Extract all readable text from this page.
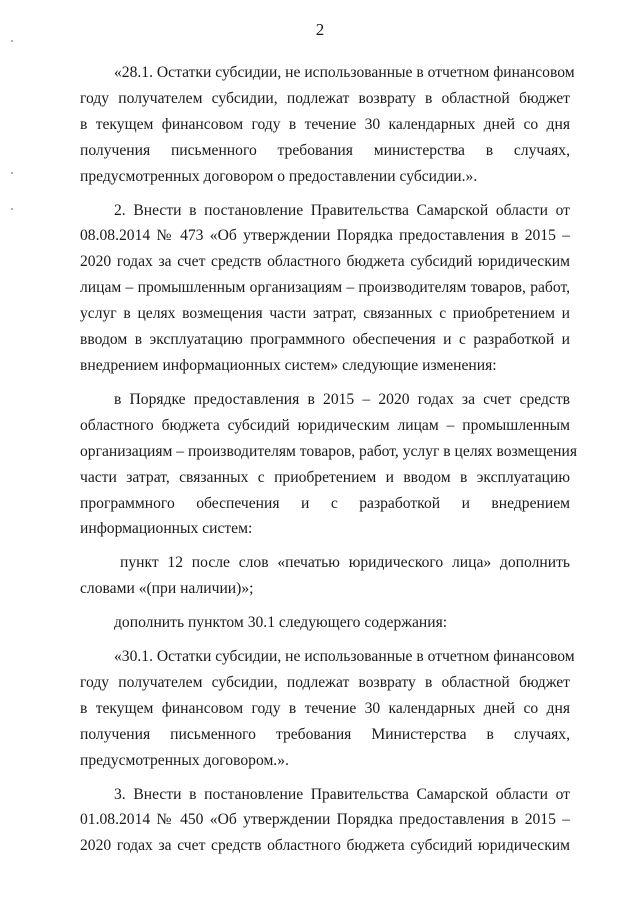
2
«28.1. Остатки субсидии, не использованные в отчетном финансовом
году получателем субсидии, подлежат возврату в областной бюджет
в текущем финансовом году в течение 30 календарных дней со дня
получения письменного требования министерства в случаях,
предусмотренных договором о предоставлении субсидии.».
2. Внести в постановление Правительства Самарской области от
08.08.2014 № 473 «Об утверждении Порядка предоставления в 2015 –
2020 годах за счет средств областного бюджета субсидий юридическим
лицам – промышленным организациям – производителям товаров, работ,
услуг в целях возмещения части затрат, связанных с приобретением и
вводом в эксплуатацию программного обеспечения и с разработкой и
внедрением информационных систем» следующие изменения:
в Порядке предоставления в 2015 – 2020 годах за счет средств
областного бюджета субсидий юридическим лицам – промышленным
организациям – производителям товаров, работ, услуг в целях возмещения
части затрат, связанных с приобретением и вводом в эксплуатацию
программного обеспечения и с разработкой и внедрением
информационных систем:
пункт 12 после слов «печатью юридического лица» дополнить
словами «(при наличии)»;
дополнить пунктом 30.1 следующего содержания:
«30.1. Остатки субсидии, не использованные в отчетном финансовом
году получателем субсидии, подлежат возврату в областной бюджет
в текущем финансовом году в течение 30 календарных дней со дня
получения письменного требования Министерства в случаях,
предусмотренных договором.».
3. Внести в постановление Правительства Самарской области от
01.08.2014 № 450 «Об утверждении Порядка предоставления в 2015 –
2020 годах за счет средств областного бюджета субсидий юридическим
